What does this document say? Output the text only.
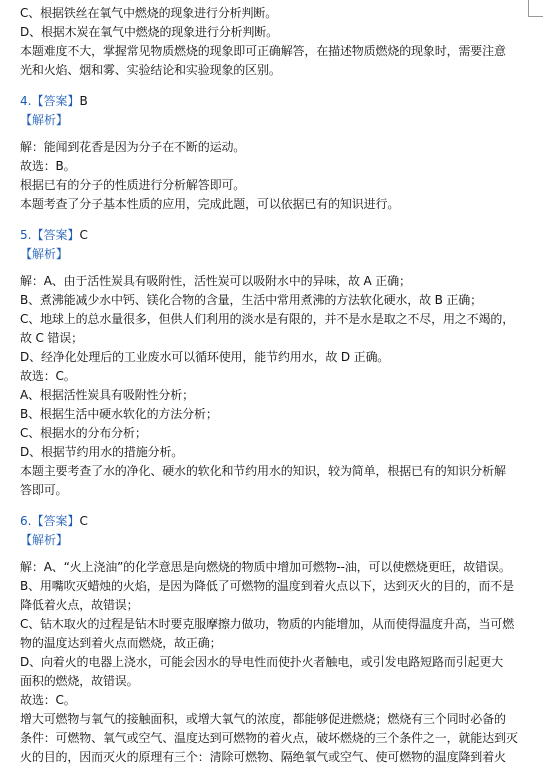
C、根据铁丝在氧气中燃烧的现象进行分析判断。
D、根据木炭在氧气中燃烧的现象进行分析判断。
本题难度不大，掌握常见物质燃烧的现象即可正确解答，在描述物质燃烧的现象时，需要注意
光和火焰、烟和雾、实验结论和实验现象的区别。
4.【答案】B
【解析】
解：能闻到花香是因为分子在不断的运动。
故选：B。
根据已有的分子的性质进行分析解答即可。
本题考查了分子基本性质的应用，完成此题，可以依据已有的知识进行。
5.【答案】C
【解析】
解：A、由于活性炭具有吸附性，活性炭可以吸附水中的异味，故 A 正确；
B、煮沸能减少水中钙、镁化合物的含量，生活中常用煮沸的方法软化硬水，故 B 正确；
C、地球上的总水量很多，但供人们利用的淡水是有限的，并不是水是取之不尽，用之不竭的，
故 C 错误；
D、经净化处理后的工业废水可以循环使用，能节约用水，故 D 正确。
故选：C。
A、根据活性炭具有吸附性分析；
B、根据生活中硬水软化的方法分析；
C、根据水的分布分析；
D、根据节约用水的措施分析。
本题主要考查了水的净化、硬水的软化和节约用水的知识，较为简单，根据已有的知识分析解
答即可。
6.【答案】C
【解析】
解：A、“火上浇油”的化学意思是向燃烧的物质中增加可燃物--油，可以使燃烧更旺，故错误。
B、用嘴吹灭蜡烛的火焰，是因为降低了可燃物的温度到着火点以下，达到灭火的目的，而不是
降低着火点，故错误；
C、钻木取火的过程是钻木时要克服摩擦力做功，物质的内能增加，从而使得温度升高，当可燃
物的温度达到着火点而燃烧，故正确；
D、向着火的电器上浇水，可能会因水的导电性而使扑火者触电，或引发电路短路而引起更大
面积的燃烧，故错误。
故选：C。
增大可燃物与氧气的接触面积，或增大氧气的浓度，都能够促进燃烧；燃烧有三个同时必备的
条件：可燃物、氧气或空气、温度达到可燃物的着火点，破坏燃烧的三个条件之一，就能达到灭
火的目的，因而灭火的原理有三个：清除可燃物、隔绝氧气或空气、使可燃物的温度降到着火
